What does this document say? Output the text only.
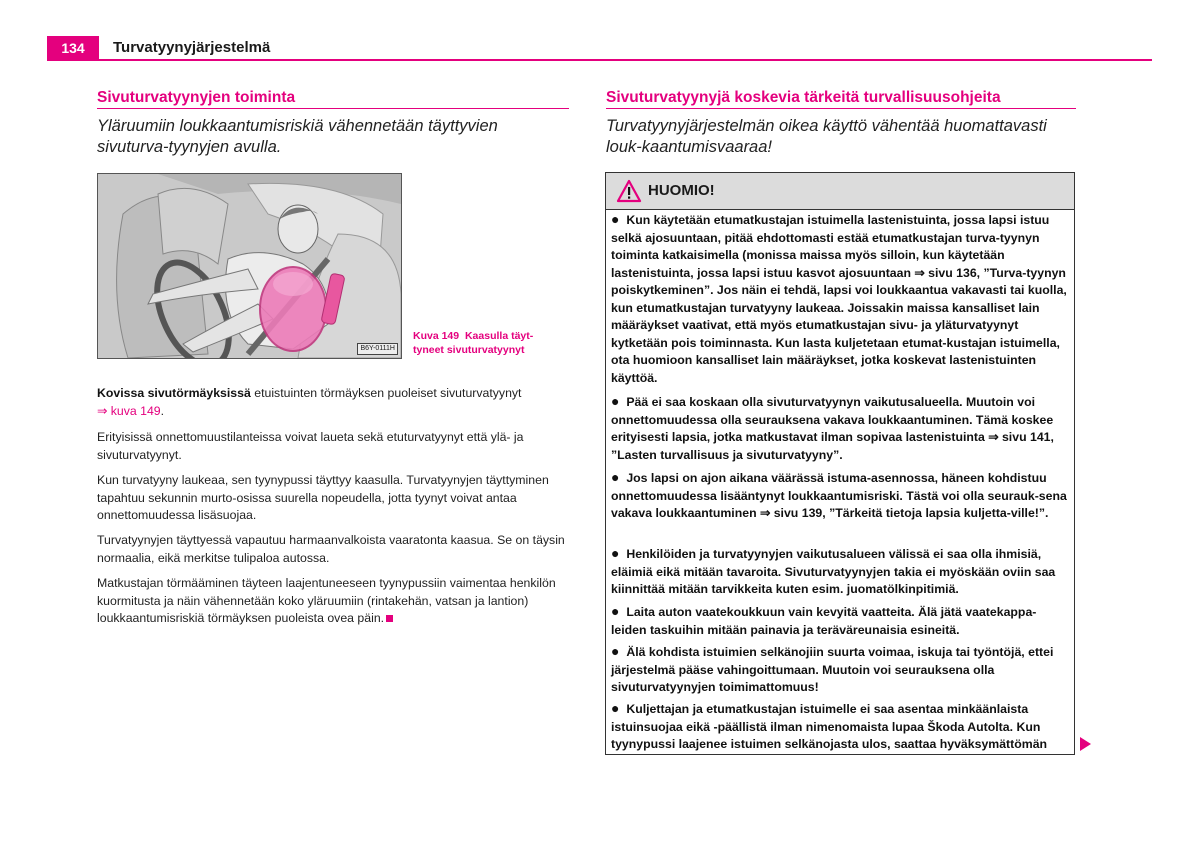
134	Turvatyynyjärjestelmä
Sivuturvatyynyjen toiminta
Yläruumiin loukkaantumisriskiä vähennetään täyttyvien sivuturva-tyynyjen avulla.
B6Y-0111H
Kuva 149 Kaasulla täyt-tyneet sivuturvatyynyt
Kovissa sivutörmäyksissä etuistuinten törmäyksen puoleiset sivuturvatyynyt
⇒ kuva 149.
Erityisissä onnettomuustilanteissa voivat laueta sekä etuturvatyynyt että ylä- ja sivuturvatyynyt.
Kun turvatyyny laukeaa, sen tyynypussi täyttyy kaasulla. Turvatyynyjen täyttyminen tapahtuu sekunnin murto-osissa suurella nopeudella, jotta tyynyt voivat antaa onnettomuudessa lisäsuojaa.
Turvatyynyjen täyttyessä vapautuu harmaanvalkoista vaaratonta kaasua. Se on täysin normaalia, eikä merkitse tulipaloa autossa.
Matkustajan törmääminen täyteen laajentuneeseen tyynypussiin vaimentaa henkilön kuormitusta ja näin vähennetään koko yläruumiin (rintakehän, vatsan ja lantion) loukkaantumisriskiä törmäyksen puoleista ovea päin.
Sivuturvatyynyjä koskevia tärkeitä turvallisuusohjeita
Turvatyynyjärjestelmän oikea käyttö vähentää huomattavasti louk-kaantumisvaaraa!
HUOMIO!
● Kun käytetään etumatkustajan istuimella lastenistuinta, jossa lapsi istuu selkä ajosuuntaan, pitää ehdottomasti estää etumatkustajan turva-tyynyn toiminta katkaisimella (monissa maissa myös silloin, kun käytetään lastenistuinta, jossa lapsi istuu kasvot ajosuuntaan ⇒ sivu 136, ”Turva-tyynyn poiskytkeminen”. Jos näin ei tehdä, lapsi voi loukkaantua vakavasti tai kuolla, kun etumatkustajan turvatyyny laukeaa. Joissakin maissa kansalliset lain määräykset vaativat, että myös etumatkustajan sivu- ja yläturvatyynyt kytketään pois toiminnasta. Kun lasta kuljetetaan etumat-kustajan istuimella, ota huomioon kansalliset lain määräykset, jotka koskevat lastenistuinten käyttöä.
● Pää ei saa koskaan olla sivuturvatyynyn vaikutusalueella. Muutoin voi onnettomuudessa olla seurauksena vakava loukkaantuminen. Tämä koskee erityisesti lapsia, jotka matkustavat ilman sopivaa lastenistuinta ⇒ sivu 141, ”Lasten turvallisuus ja sivuturvatyyny”.
● Jos lapsi on ajon aikana väärässä istuma-asennossa, häneen kohdistuu onnettomuudessa lisääntynyt loukkaantumisriski. Tästä voi olla seurauk-sena vakava loukkaantuminen ⇒ sivu 139, ”Tärkeitä tietoja lapsia kuljetta-ville!”.
● Henkilöiden ja turvatyynyjen vaikutusalueen välissä ei saa olla ihmisiä, eläimiä eikä mitään tavaroita. Sivuturvatyynyjen takia ei myöskään oviin saa kiinnittää mitään tarvikkeita kuten esim. juomatölkinpitimiä.
● Laita auton vaatekoukkuun vain kevyitä vaatteita. Älä jätä vaatekappa-leiden taskuihin mitään painavia ja teräväreunaisia esineitä.
● Älä kohdista istuimien selkänojiin suurta voimaa, iskuja tai työntöjä, ettei järjestelmä pääse vahingoittumaan. Muutoin voi seurauksena olla sivuturvatyynyjen toimimattomuus!
● Kuljettajan ja etumatkustajan istuimelle ei saa asentaa minkäänlaista istuinsuojaa eikä -päällistä ilman nimenomaista lupaa Škoda Autolta. Kun tyynypussi laajenee istuimen selkänojasta ulos, saattaa hyväksymättömän
